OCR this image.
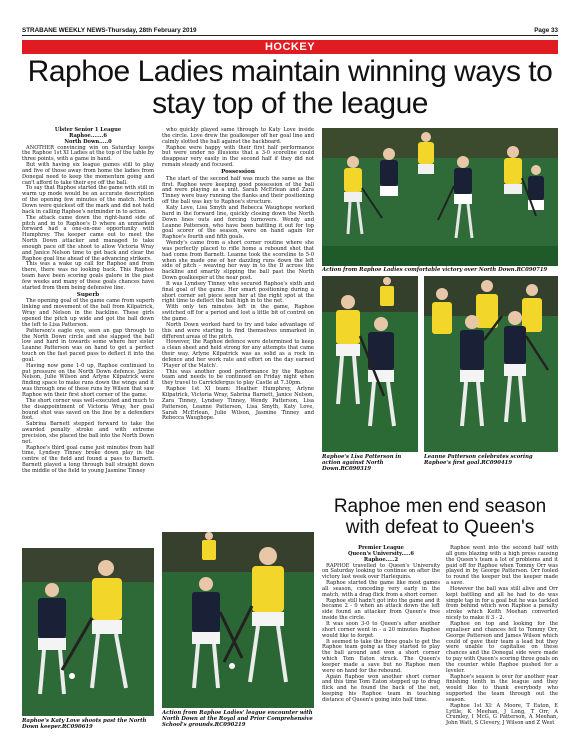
STRABANE WEEKLY NEWS-Thursday, 28th February 2019	Page 33
HOCKEY
Raphoe Ladies maintain winning ways to stay top of the league
Ulster Senior 1 League
Raphoe.......6
North Down.....0

ANOTHER convincing win on Saturday keeps the Raphoe 1st XI Ladies at the top of the table by three points, with a game in hand.

But with having six league games still to play and five of those away from home the ladies from Donegal need to keep the momentum going and can't afford to take their eye off the ball.

To say that Raphoe started the game with still in warm up mode would be an accurate description of the opening few minutes of the match. North Down were quickest off the mark and did not hold back in calling Raphoe's netminder in to action.

The attack came down the right-hand side of pitch and in to Raphoe's D where an unmarked forward had a one-on-one opportunity with Humphrey. The keeper came out to meet the North Down attacker and managed to take enough pace off the shoot to allow Victoria Wray and Janice Nelson time to get back and clear the Raphoe goal line ahead of the advancing strikers.

This was a wake up call for Raphoe and from there, there was no looking back. This Raphoe team have been scoring goals galore in the past few weeks and many of these goals chances have started from them being defensive line.

Superb

The opening goal of the game came from superb linking and movement of the ball from Kilpatrick, Wray and Nelson in the backline. These girls opened the pitch up wide and got the ball down the left to Lisa Patterson.

Patterson's eagle eye, seen an gap through to the North Down circle and she slapped the ball low and hard in towards some where her sister Leanne Patterson was on hand to get a perfect touch on the fast paced pass to deflect it into the goal.

Having now gone 1-0 up, Raphoe continued to put pressure on the North Down defence. Janice Nelson, Julie Wilson and Arlyne Kilpatrick were finding space to make runs down the wings and it was through one of these runs by Wilson that saw Raphoe win their first short corner of the game.

The short corner was well-executed and much to the disappointment of Victoria Wray, her goal bound shot was saved on the line by a defenders foot.

Sabrina Barnett stepped forward to take the awarded penalty stroke and with extreme precision, she placed the ball into the North Down net.

Raphoe's third goal came just minutes from half time, Lyndsey Tinney broke down play in the centre of the field and found a pass to Barnett. Barnett played a long through ball straight down the middle of the field to young Jasmine Tinney

who quickly played same through to Katy Love inside the circle. Love drew the goalkeeper off her goal line and calmly slotted the ball against the backboard.

Raphoe were happy with their first half performance but were under no illusions that a 3-0 scoreline could disappear very easily in the second half if they did not remain steady and focused.

Possession

The start of the second half was much the same as the first. Raphoe were keeping good possession of the ball and were playing as a unit. Sarah McErlean and Zara Tinney were busy running the flanks and their positioning off the ball was key to Raphoe's structure.

Katy Love, Lisa Smyth and Rebecca Waughope worked hard in the forward line, quickly closing down the North Down lines outs and forcing turnovers. Wendy and Leanne Patterson, who have been battling it out for top goal scorer of the season, were on hand again for Raphoe's fourth and fifth goals.

Wendy's came from a short corner routine where she was perfectly placed to rifle home a rebound shot that had come from Barnett. Leanne took the scoreline to 5-0 when she made one of her dazzling runs down the left side of pitch - weaving her way in to the D across the backline and smartly slipping the ball past the North Down goalkeeper at the near post.

It was Lyndsey Tinney who secured Raphoe's sixth and final goal of the game. Her smart positioning during a short corner set piece seen her at the right spot at the right time to deflect the ball high in to the net.

With only ten minutes left in the game, Raphoe switched off for a period and lost a little bit of control on the game.

North Down worked hard to try and take advantage of this and were starting to find themselves unmarked in different areas of the pitch.

However, the Raphoe defence were determined to keep a clean sheet and held strong for any attempts that came their way. Arlyne Kilpatrick was as solid as a rock in defence and her work rate and effort on the day earned 'Player of the Match'.

This was another good performance by the Raphoe team and needs to be continued on Friday night when they travel to Carrickfergus to play Castle at 7.30pm.

Raphoe 1st XI team: Heather Humphrey, Arlyne Kilpatrick, Victoria Wray, Sabrina Barnett, Janice Nelson, Zara Tinney, Lyndsey Tinney, Wendy Patterson, Lisa Patterson, Leanne Patterson, Lisa Smyth, Katy Love, Sarah McErlean, Julie Wilson, Jasmine Tinney and Rebecca Waughope.

Action from Raphoe Ladies comfortable victory over North Down.RC090719
Raphoe's Lisa Patterson in action against North Down.RC090319
Leanne Patterson celebrates scoring Raphoe's first goal.RC090419
Raphoe men end season with defeat to Queen's
Premier League
Queen's University.....6
Raphoe.....2

RAPHOE travelled to Queen's University on Saturday looking to continue on after the victory last week over Harlequins.

Raphoe started the game like most games all season, conceding very early in the match, with a drag flick from a short corner.

Raphoe still hadn't got into the game and it became 2 - 0 when an attack down the left side found an attacker from Queen's free inside the circle.

It was soon 3-0 to Queen's after another short corner went in - a 20 minutes Raphoe would like to forget.

It seemed to take the three goals to get the Raphoe team going as they started to play the ball around and won a short corner which Tom Eaton struck. The Queen's keeper made a save but no Raphoe men were on hand for the rebound.

Again Raphoe won another short corner and this time Tom Eaton stepped up to drag flick and he found the back of the net, keeping his Raphoe team in touching distance of Queen's going into half time.

Raphoe went into the second half with all guns blazing with a high press causing the Queen's team a lot of problems and it paid off for Raphoe when Tommy Orr was played in by George Patterson. Orr fooled to round the keeper but the keeper made a save.

However the ball was still alive and Orr kept battling and all he had to do was simple tap in for a goal but he was tackled from behind which won Raphoe a penalty stroke which Keith Meehan converted nicely to make it 3 - 2.

Raphoe on top and looking for the equaliser and chances fell to Tommy Orr, George Patterson and James Wilson which could of gave their team a lead but they were unable to capitalise on these chances and the Donegal side were made to pay with Queen's scoring three goals on the counter while Raphoe pushed for a leveler.

Raphoe's season is over for another year finishing tenth in the league and they would like to thank everybody who supported the team through out the season.

Raphoe 1st XI: A Moore, T Eaton, E Lyttle, K Meehan, J Long, T Orr, A Crumley, I McG, G Patterson, A Meehan, John Watt, S Clevery, J Wilson and Z West

Raphoe's Katy Love shoots past the North Down keeper.RC090619
Action from Raphoe Ladies' league encounter with North Down at the Royal and Prior Comprehensive School's grounds.RC090219
